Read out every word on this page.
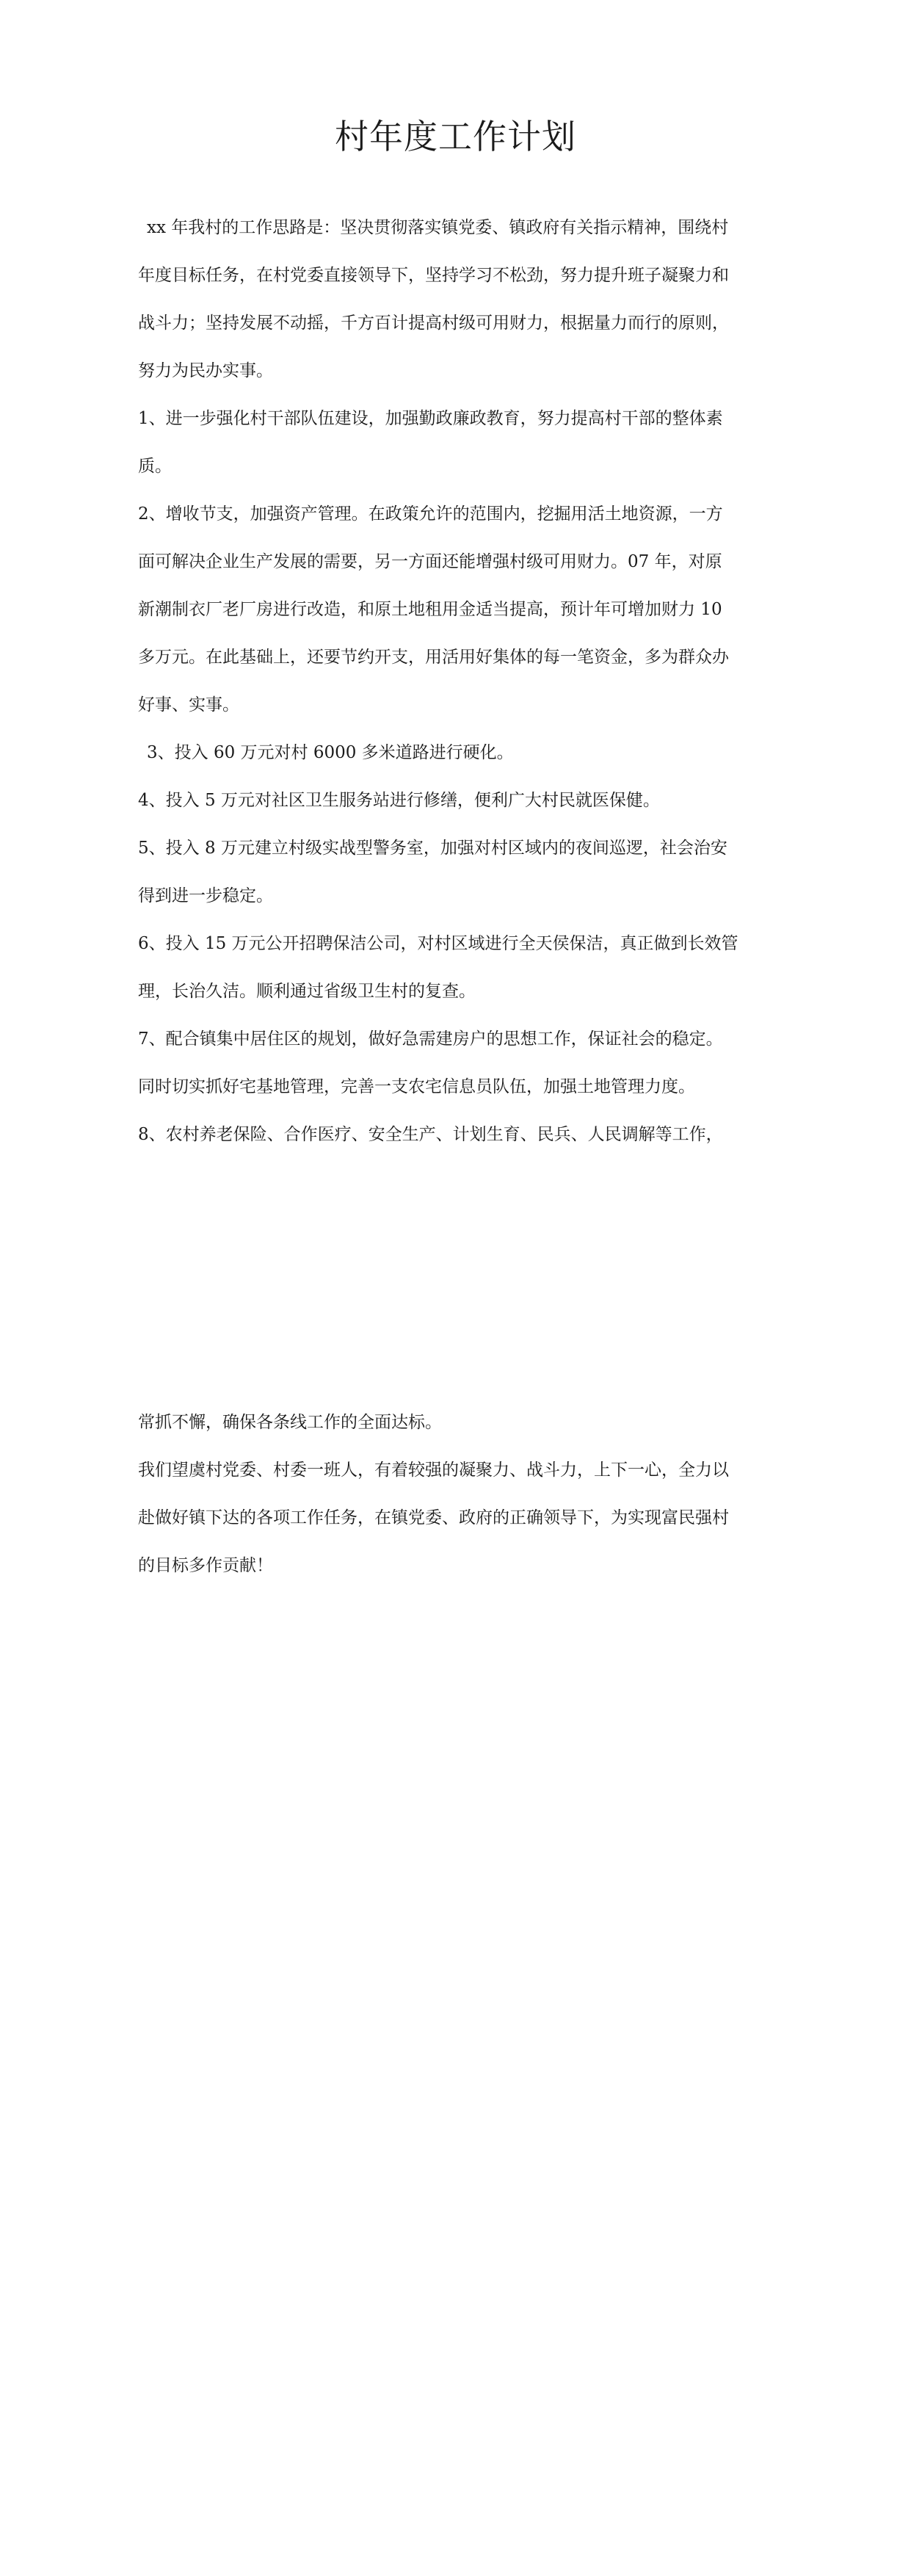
村年度工作计划

xx 年我村的工作思路是：坚决贯彻落实镇党委、镇政府有关指示精神，围绕村

年度目标任务，在村党委直接领导下，坚持学习不松劲，努力提升班子凝聚力和

战斗力；坚持发展不动摇，千方百计提高村级可用财力，根据量力而行的原则，

努力为民办实事。

1、进一步强化村干部队伍建设，加强勤政廉政教育，努力提高村干部的整体素

质。

2、增收节支，加强资产管理。在政策允许的范围内，挖掘用活土地资源，一方

面可解决企业生产发展的需要，另一方面还能增强村级可用财力。07 年，对原

新潮制衣厂老厂房进行改造，和原土地租用金适当提高，预计年可增加财力 10

多万元。在此基础上，还要节约开支，用活用好集体的每一笔资金，多为群众办

好事、实事。

3、投入 60 万元对村 6000 多米道路进行硬化。

4、投入 5 万元对社区卫生服务站进行修缮，便利广大村民就医保健。

5、投入 8 万元建立村级实战型警务室，加强对村区域内的夜间巡逻，社会治安

得到进一步稳定。

6、投入 15 万元公开招聘保洁公司，对村区域进行全天侯保洁，真正做到长效管

理，长治久洁。顺利通过省级卫生村的复查。

7、配合镇集中居住区的规划，做好急需建房户的思想工作，保证社会的稳定。

同时切实抓好宅基地管理，完善一支农宅信息员队伍，加强土地管理力度。

8、农村养老保险、合作医疗、安全生产、计划生育、民兵、人民调解等工作，

常抓不懈，确保各条线工作的全面达标。

我们望虞村党委、村委一班人，有着较强的凝聚力、战斗力，上下一心，全力以

赴做好镇下达的各项工作任务，在镇党委、政府的正确领导下，为实现富民强村

的目标多作贡献！
